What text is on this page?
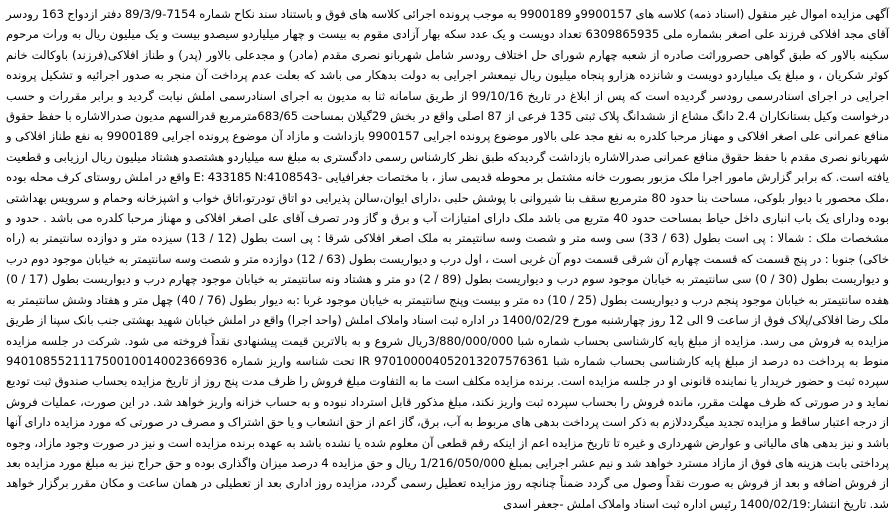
آگهی مزایده اموال غیر منقول (اسناد ذمه) کلاسه های 9900157و 9900189 به موجب پرونده اجرائی کلاسه های فوق و باستناد سند نکاح شماره 7154-89/3/9 دفتر ازدواج 163 رودسر آقای مجد افلاکی فرزند علی اصغر بشماره ملی 6309865935 تعداد دویست و یک عدد سکه بهار آزادی مقوم به بیست و چهار میلیاردو سیصدو بیست و یک میلیون ریال به ورات مرحوم سکینه بالاور که طبق گواهی حصروراثت صادره از شعبه چهارم شورای حل اختلاف رودسر شامل شهربانو نصری مقدم (مادر) و مجدعلی بالاور (پدر) و طناز افلاکی(فرزند) باوکالت خانم کوثر شکریان ، و مبلغ یک میلیاردو دویست و شانزده هزارو پنجاه میلیون ریال نیمعشر اجرایی به دولت بدهکار می باشد که بعلت عدم پرداخت آن منجر به صدور اجرائیه و تشکیل پرونده اجرایی در اجرای اسنادرسمی رودسر گردیده است که پس از ابلاغ در تاریخ 99/10/16 از طریق سامانه ثنا به مدیون به اجرای اسنادرسمی املش نیابت گردید و برابر مقررات و حسب درخواست وکیل بستانکاران 2.4 دانگ مشاع از ششدانگ پلاک ثبتی 135 فرعی از 87 اصلی واقع در بخش 29گیلان بمساحت 683/65مترمربع قدرالسهم مدیون صدرالاشاره با حفظ حقوق منافع عمرانی علی اصغر افلاکی و مهناز مرحبا کلدره به نفع مجد علی بالاور موضوع پرونده اجرایی 9900157 بازداشت و مازاد آن موضوع پرونده اجرایی 9900189 به نفع طناز افلاکی و شهربانو نصری مقدم با حفظ حقوق منافع عمرانی صدرالاشاره بازداشت گردیدکه طبق نظر کارشناس رسمی دادگستری به مبلغ سه میلیاردو هشتصدو هشتاد میلیون ریال ارزیابی و قطعیت یافته است. که برابر گزارش مامور اجرا ملک مزبور بصورت خانه مشتمل بر محوطه قدیمی ساز ، با مختصات جغرافیایی -E: 433185 N:4108543 واقع در املش روستای کرف محله بوده ،ملک محصور با دیوار بلوکی، مساحت بنا حدود 80 مترمربع سقف بنا شیروانی با پوشش حلبی ،دارای ایوان،سالن پذیرایی دو اتاق تودرتو،اتاق خواب و اشپزخانه وحمام و سرویس بهداشتی بوده ودارای یک باب انباری داخل حیاط بمساحت حدود 40 متربع می باشد ملک دارای امتیازات آب و برق و گاز ودر تصرف آقای علی اصغر افلاکی و مهناز مرحبا کلدره می باشد . حدود و مشخصات ملک : شمالا : پی است بطول (63 / 33) سی وسه متر و شصت وسه سانتیمتر به ملک اصغر افلاکی شرقا : پی است بطول (12 / 13) سیزده متر و دوازده سانتیمتر به (راه خاکی) جنوبا : در پنج قسمت که قسمت چهارم آن شرقی قسمت دوم آن غربی است ، اول درب و دیواریست بطول (63 / 12) دوازده متر و شصت وسه سانتیمتر به خیابان موجود دوم درب و دیواریست بطول (30 / 0) سی سانتیمتر به خیابان موجود سوم درب و دیواریست بطول (89 / 2) دو متر و هشتاد ونه سانتیمتر به خیابان موجود چهارم درب و دیواریست بطول (17 / 0) هفده سانتیمتر به خیابان موجود پنجم درب و دیواریست بطول (25 / 10) ده متر و بیست وپنج سانتیمتر به خیابان موجود غربا :به دیوار بطول (76 / 40) چهل متر و هفتاد وشش سانتیمتر به ملک رضا افلاکی/پلاک فوق از ساعت 9 الی 12 روز چهارشنبه مورخ 1400/02/29 در اداره ثبت اسناد واملاک املش (واحد اجرا) واقع در املش خیابان شهید بهشتی جنب بانک سپنا از طریق مزایده به فروش می رسد. مزایده از مبلغ پایه کارشناسی بحساب شماره شبا 3/880/000/000ریال شروع و به بالاترین قیمت پیشنهادی نقداً فروخته می شود. شرکت در جلسه مزایده منوط به پرداخت ده درصد از مبلغ پایه کارشناسی بحساب شماره شبا IR 970100004052013207576361 تحت شناسه واریز شماره 940108552111750010014002366936 سپرده ثبت و حضور خریدار یا نماینده قانونی او در جلسه مزایده است. برنده مزایده مکلف است ما به التفاوت مبلغ فروش را ظرف مدت پنج روز از تاریخ مزایده بحساب صندوق ثبت تودیع نماید و در صورتی که ظرف مهلت مقرر، مانده فروش را بحساب سپرده ثبت واریز نکند، مبلغ مذکور قابل استرداد نبوده و به حساب خزانه واریز خواهد شد. در این صورت، عملیات فروش از درجه اعتبار ساقط و مزایده تجدید میگرددلازم به ذکر است پرداخت بدهی های مربوط به آب، برق، گاز اعم از حق انشعاب و یا حق اشتراک و مصرف در صورتی که مورد مزایده دارای آنها باشد و نیز بدهی های مالیاتی و عوارض شهرداری و غیره تا تاریخ مزایده اعم از اینکه رقم قطعی آن معلوم شده یا نشده باشد به عهده برنده مزایده است و نیز در صورت وجود مازاد، وجوه پرداختی بابت هزینه های فوق از مازاد مسترد خواهد شد و نیم عشر اجرایی بمبلغ 1/216/050/000 ریال و حق مزایده 4 درصد میزان واگذاری بوده و حق حراج نیز به مبلغ مورد مزایده بعد از فروش اضافه و بعد از فروش به صورت نقداً وصول می گردد ضمناً چنانچه روز مزایده تعطیل رسمی گردد، مزایده روز اداری بعد از تعطیلی در همان ساعت و مکان مقرر برگزار خواهد شد. تاریخ انتشار:1400/02/19 رئیس اداره ثبت اسناد واملاک املش -جعفر اسدی
